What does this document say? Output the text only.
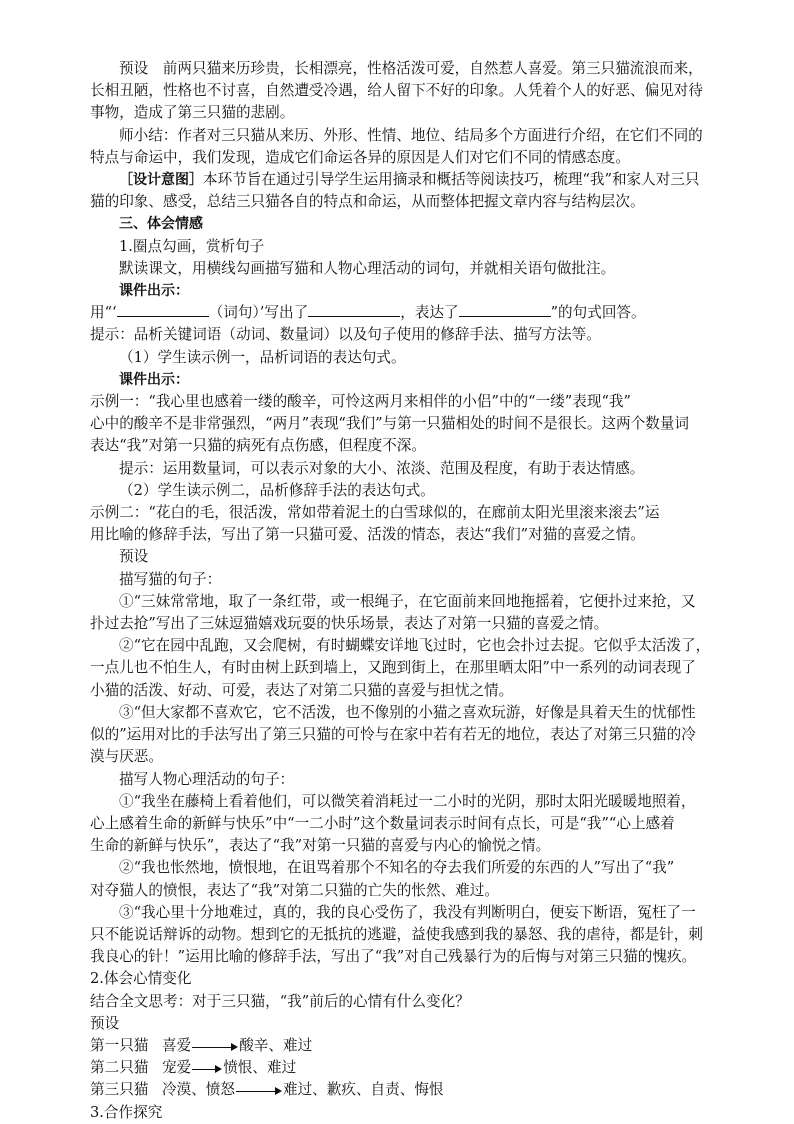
预设　前两只猫来历珍贵，长相漂亮，性格活泼可爱，自然惹人喜爱。第三只猫流浪而来，

长相丑陋，性格也不讨喜，自然遭受冷遇，给人留下不好的印象。人凭着个人的好恶、偏见对待

事物，造成了第三只猫的悲剧。

师小结：作者对三只猫从来历、外形、性情、地位、结局多个方面进行介绍，在它们不同的

特点与命运中，我们发现，造成它们命运各异的原因是人们对它们不同的情感态度。

［设计意图］本环节旨在通过引导学生运用摘录和概括等阅读技巧，梳理“我”和家人对三只

猫的印象、感受，总结三只猫各自的特点和命运，从而整体把握文章内容与结构层次。

三、体会情感

1.圈点勾画，赏析句子

默读课文，用横线勾画描写猫和人物心理活动的词句，并就相关语句做批注。

课件出示：

用“‘	（词句）’写出了	，表达了	”的句式回答。

提示：品析关键词语（动词、数量词）以及句子使用的修辞手法、描写方法等。

（1）学生读示例一，品析词语的表达句式。

课件出示：

示例一：“我心里也感着一缕的酸辛，可怜这两月来相伴的小侣”中的“一缕”表现“我”

心中的酸辛不是非常强烈，“两月”表现“我们”与第一只猫相处的时间不是很长。这两个数量词

表达“我”对第一只猫的病死有点伤感，但程度不深。

提示：运用数量词，可以表示对象的大小、浓淡、范围及程度，有助于表达情感。

（2）学生读示例二，品析修辞手法的表达句式。

示例二：“花白的毛，很活泼，常如带着泥土的白雪球似的，在廊前太阳光里滚来滚去”运

用比喻的修辞手法，写出了第一只猫可爱、活泼的情态，表达“我们”对猫的喜爱之情。

预设

描写猫的句子：

①“三妹常常地，取了一条红带，或一根绳子，在它面前来回地拖摇着，它便扑过来抢，又

扑过去抢”写出了三妹逗猫嬉戏玩耍的快乐场景，表达了对第一只猫的喜爱之情。

②“它在园中乱跑，又会爬树，有时蝴蝶安详地飞过时，它也会扑过去捉。它似乎太活泼了，

一点儿也不怕生人，有时由树上跃到墙上，又跑到街上，在那里晒太阳”中一系列的动词表现了

小猫的活泼、好动、可爱，表达了对第二只猫的喜爱与担忧之情。

③“但大家都不喜欢它，它不活泼，也不像别的小猫之喜欢玩游，好像是具着天生的忧郁性

似的”运用对比的手法写出了第三只猫的可怜与在家中若有若无的地位，表达了对第三只猫的冷

漠与厌恶。

描写人物心理活动的句子：

①“我坐在藤椅上看着他们，可以微笑着消耗过一二小时的光阴，那时太阳光暖暖地照着，

心上感着生命的新鲜与快乐”中“一二小时”这个数量词表示时间有点长，可是“我”“心上感着

生命的新鲜与快乐”，表达了“我”对第一只猫的喜爱与内心的愉悦之情。

②“我也怅然地，愤恨地，在诅骂着那个不知名的夺去我们所爱的东西的人”写出了“我”

对夺猫人的愤恨，表达了“我”对第二只猫的亡失的怅然、难过。

③“我心里十分地难过，真的，我的良心受伤了，我没有判断明白，便妄下断语，冤枉了一

只不能说话辩诉的动物。想到它的无抵抗的逃避，益使我感到我的暴怒、我的虐待，都是针，刺

我良心的针！”运用比喻的修辞手法，写出了“我”对自己残暴行为的后悔与对第三只猫的愧疚。

2.体会心情变化

结合全文思考：对于三只猫，“我”前后的心情有什么变化？

预设

第一只猫 喜爱	酸辛、难过
第二只猫 宠爱 愤恨、难过
第三只猫 冷漠、愤怒	难过、歉疚、自责、悔恨

3.合作探究
